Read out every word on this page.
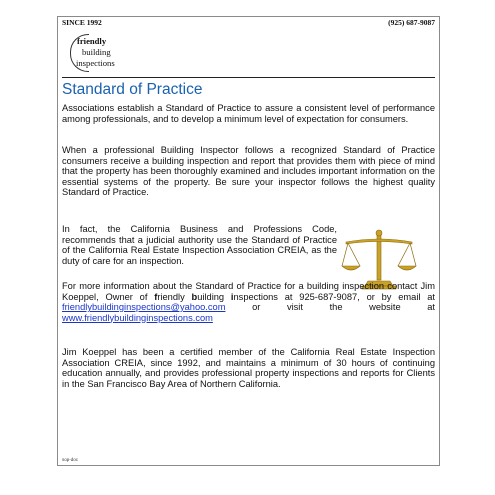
SINCE 1992	(925) 687-9087
friendly
building
inspections
Standard of Practice

Associations establish a Standard of Practice to assure a consistent level of performance among professionals, and to develop a minimum level of expectation for consumers.

When a professional Building Inspector follows a recognized Standard of Practice consumers receive a building inspection and report that provides them with piece of mind that the property has been thoroughly examined and includes important information on the essential systems of the property. Be sure your inspector follows the highest quality Standard of Practice.

In fact, the California Business and Professions Code, recommends that a judicial authority use the Standard of Practice of the California Real Estate Inspection Association CREIA, as the duty of care for an inspection.

For more information about the Standard of Practice for a building inspection contact Jim Koeppel, Owner of friendly building inspections at 925-687-9087, or by email at friendlybuildinginspections@yahoo.com or visit the website at www.friendlybuildinginspections.com

Jim Koeppel has been a certified member of the California Real Estate Inspection Association CREIA, since 1992, and maintains a minimum of 30 hours of continuing education annually, and provides professional property inspections and reports for Clients in the San Francisco Bay Area of Northern California.

sop-doc
